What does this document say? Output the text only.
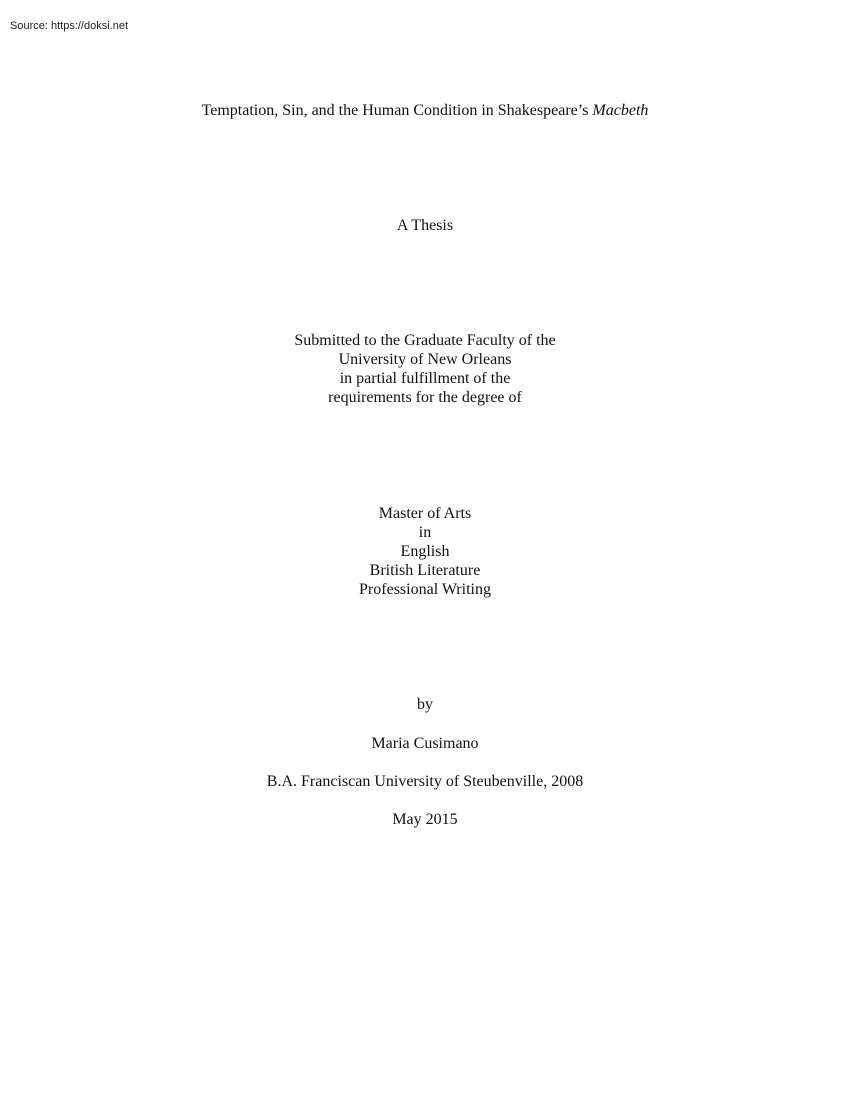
Source: https://doksi.net
Temptation, Sin, and the Human Condition in Shakespeare’s Macbeth
A Thesis
Submitted to the Graduate Faculty of the
University of New Orleans
in partial fulfillment of the
requirements for the degree of
Master of Arts
in
English
British Literature
Professional Writing
by
Maria Cusimano
B.A. Franciscan University of Steubenville, 2008
May 2015
